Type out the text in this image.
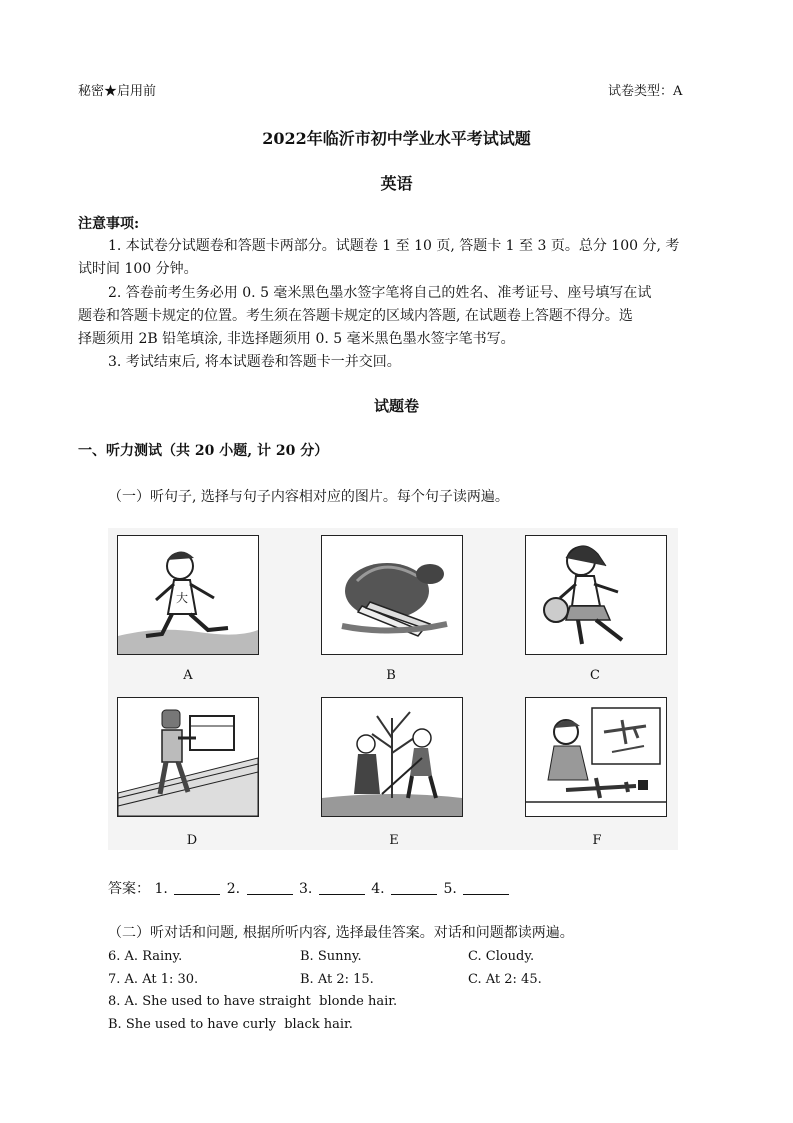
秘密★启用前	试卷类型：A
2022年临沂市初中学业水平考试试题
英语
注意事项:
1. 本试卷分试题卷和答题卡两部分。试题卷 1 至 10 页, 答题卡 1 至 3 页。总分 100 分, 考
试时间 100 分钟。
2. 答卷前考生务必用 0. 5 毫米黑色墨水签字笔将自己的姓名、准考证号、座号填写在试
题卷和答题卡规定的位置。考生须在答题卡规定的区域内答题, 在试题卷上答题不得分。选
择题须用 2B 铅笔填涂, 非选择题须用 0. 5 毫米黑色墨水签字笔书写。
3. 考试结束后, 将本试题卷和答题卡一并交回。
试题卷
一、听力测试（共 20 小题, 计 20 分）
（一）听句子, 选择与句子内容相对应的图片。每个句子读两遍。
大
A	B	C
D	E	F
答案： 1.	2.	3.	4.	5.
（二）听对话和问题, 根据所听内容, 选择最佳答案。对话和问题都读两遍。
6. A. Rainy.	B. Sunny.	C. Cloudy.
7. A. At 1: 30.	B. At 2: 15.	C. At 2: 45.
8. A. She used to have straight  blonde hair.
B. She used to have curly  black hair.
